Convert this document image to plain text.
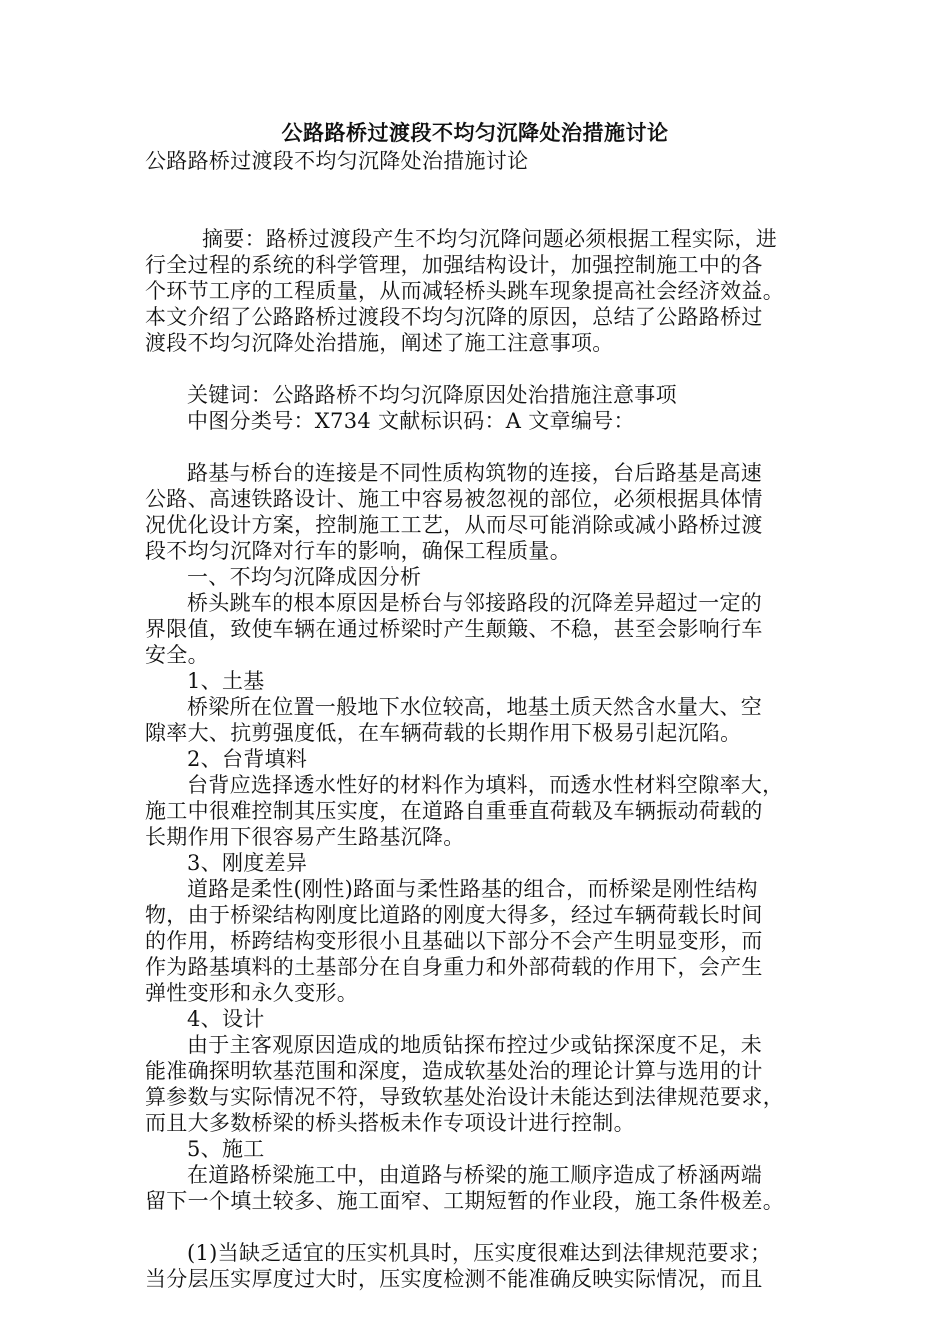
公路路桥过渡段不均匀沉降处治措施讨论

公路路桥过渡段不均匀沉降处治措施讨论

摘要：路桥过渡段产生不均匀沉降问题必须根据工程实际，进

行全过程的系统的科学管理，加强结构设计，加强控制施工中的各

个环节工序的工程质量，从而减轻桥头跳车现象提高社会经济效益。

本文介绍了公路路桥过渡段不均匀沉降的原因，总结了公路路桥过

渡段不均匀沉降处治措施，阐述了施工注意事项。

关键词：公路路桥不均匀沉降原因处治措施注意事项

中图分类号：X734 文献标识码：A 文章编号：

路基与桥台的连接是不同性质构筑物的连接，台后路基是高速

公路、高速铁路设计、施工中容易被忽视的部位，必须根据具体情

况优化设计方案，控制施工工艺，从而尽可能消除或减小路桥过渡

段不均匀沉降对行车的影响，确保工程质量。

一、不均匀沉降成因分析

桥头跳车的根本原因是桥台与邻接路段的沉降差异超过一定的

界限值，致使车辆在通过桥梁时产生颠簸、不稳，甚至会影响行车

安全。

1、土基

桥梁所在位置一般地下水位较高，地基土质天然含水量大、空

隙率大、抗剪强度低，在车辆荷载的长期作用下极易引起沉陷。

2、台背填料

台背应选择透水性好的材料作为填料，而透水性材料空隙率大，

施工中很难控制其压实度，在道路自重垂直荷载及车辆振动荷载的

长期作用下很容易产生路基沉降。

3、刚度差异

道路是柔性(刚性)路面与柔性路基的组合，而桥梁是刚性结构

物，由于桥梁结构刚度比道路的刚度大得多，经过车辆荷载长时间

的作用，桥跨结构变形很小且基础以下部分不会产生明显变形，而

作为路基填料的土基部分在自身重力和外部荷载的作用下，会产生

弹性变形和永久变形。

4、设计

由于主客观原因造成的地质钻探布控过少或钻探深度不足，未

能准确探明软基范围和深度，造成软基处治的理论计算与选用的计

算参数与实际情况不符，导致软基处治设计未能达到法律规范要求，

而且大多数桥梁的桥头搭板未作专项设计进行控制。

5、施工

在道路桥梁施工中，由道路与桥梁的施工顺序造成了桥涵两端

留下一个填土较多、施工面窄、工期短暂的作业段，施工条件极差。

(1)当缺乏适宜的压实机具时，压实度很难达到法律规范要求；

当分层压实厚度过大时，压实度检测不能准确反映实际情况，而且
